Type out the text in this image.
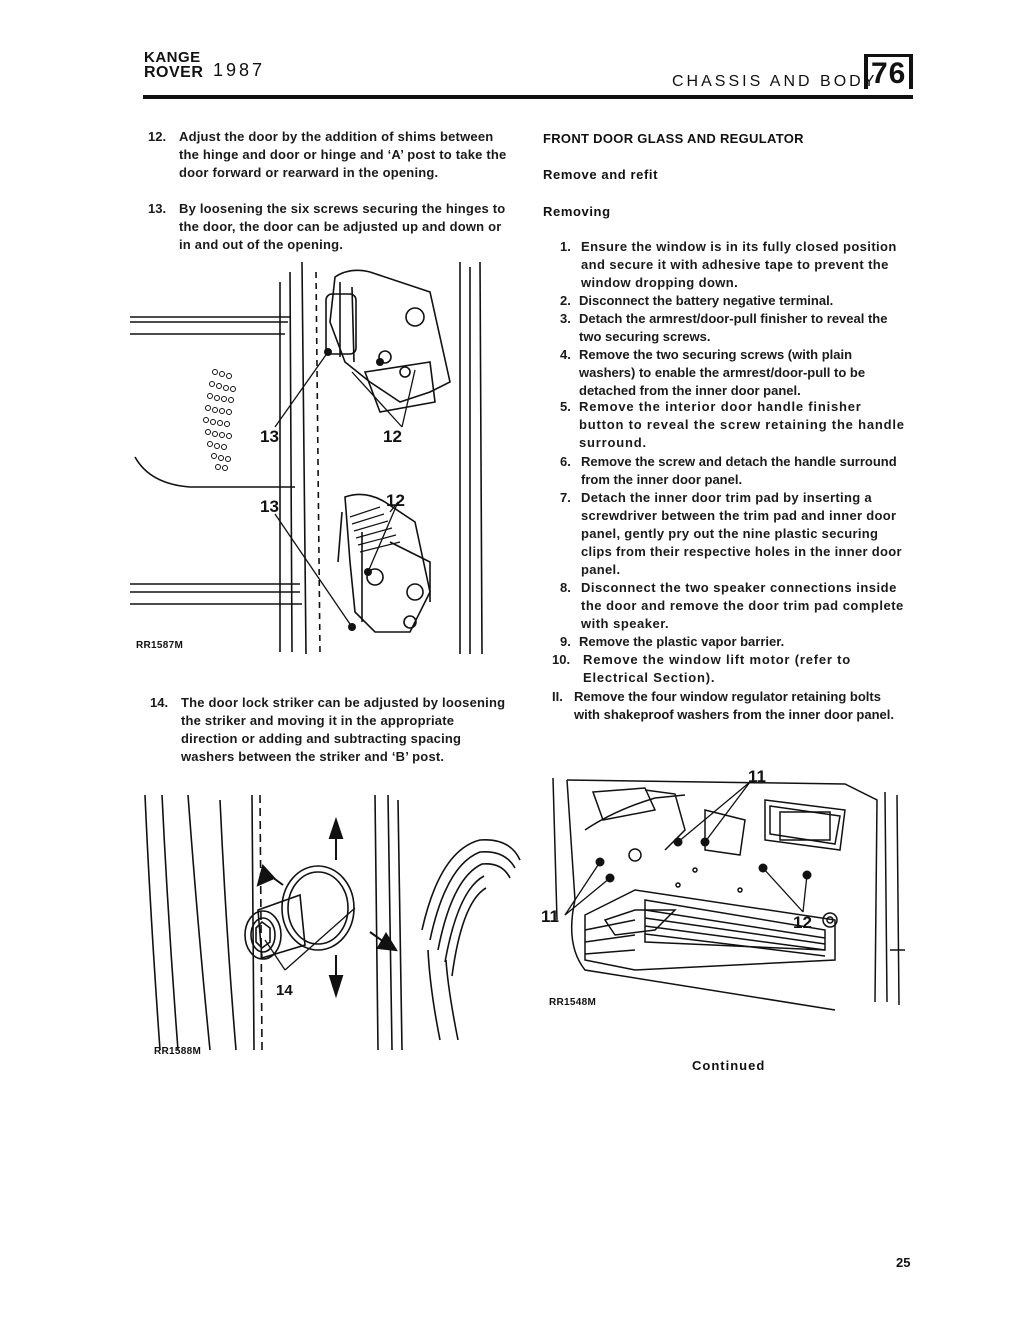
KANGE
ROVER 1987
CHASSIS AND BODY
76
12. Adjust the door by the addition of shims between the hinge and door or hinge and ‘A’ post to take the door forward or rearward in the opening.
13. By loosening the six screws securing the hinges to the door, the door can be adjusted up and down or in and out of the opening.
13	12
13	12
RR1587M
14. The door lock striker can be adjusted by loosening the striker and moving it in the appropriate direction or adding and subtracting spacing washers between the striker and ‘B’ post.
14
RR1588M
FRONT DOOR GLASS AND REGULATOR
Remove and refit
Removing
1. Ensure the window is in its fully closed position and secure it with adhesive tape to prevent the window dropping down.
2. Disconnect the battery negative terminal.
3. Detach the armrest/door-pull finisher to reveal the two securing screws.
4. Remove the two securing screws (with plain washers) to enable the armrest/door-pull to be detached from the inner door panel.
5. Remove the interior door handle finisher button to reveal the screw retaining the handle surround.
6. Remove the screw and detach the handle surround from the inner door panel.
7. Detach the inner door trim pad by inserting a screwdriver between the trim pad and inner door panel, gently pry out the nine plastic securing clips from their respective holes in the inner door panel.
8. Disconnect the two speaker connections inside the door and remove the door trim pad complete with speaker.
9. Remove the plastic vapor barrier.
10. Remove the window lift motor (refer to Electrical Section).
II. Remove the four window regulator retaining bolts with shakeproof washers from the inner door panel.
11
11	12
RR1548M
Continued
25
